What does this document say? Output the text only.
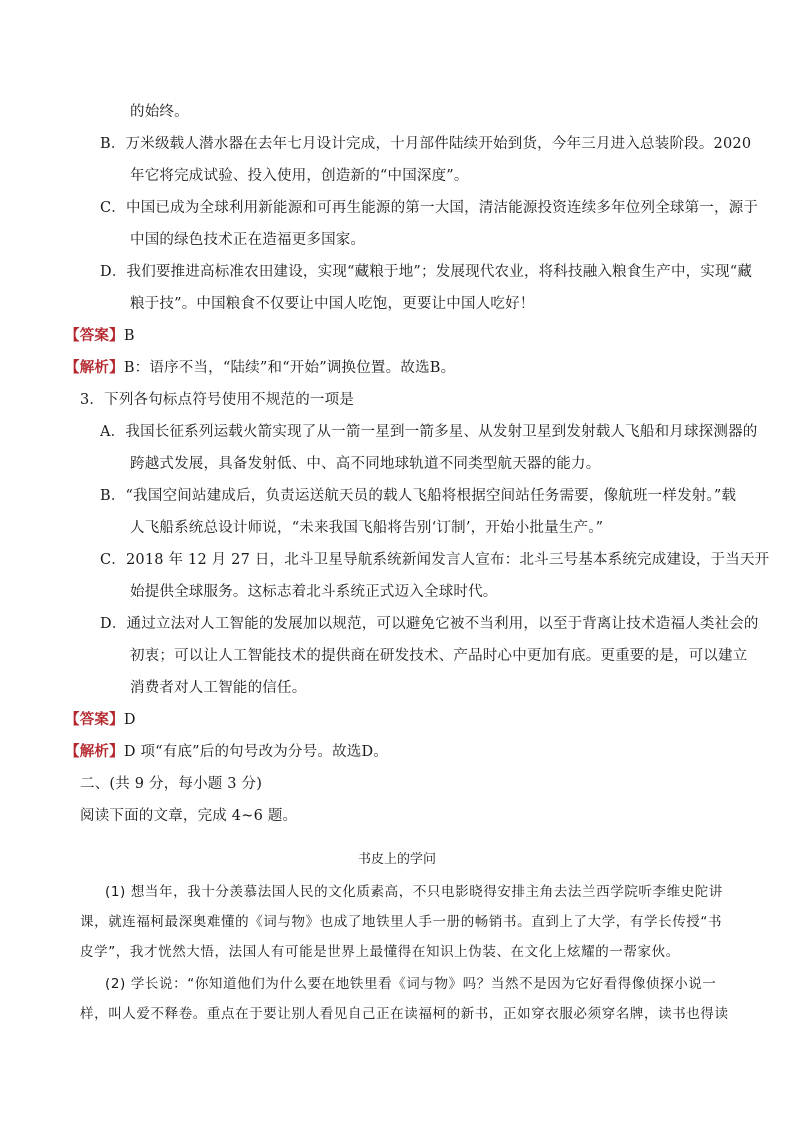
的始终。
B．万米级载人潜水器在去年七月设计完成，十月部件陆续开始到货，今年三月进入总装阶段。2020
年它将完成试验、投入使用，创造新的“中国深度”。
C．中国已成为全球利用新能源和可再生能源的第一大国，清洁能源投资连续多年位列全球第一，源于
中国的绿色技术正在造福更多国家。
D．我们要推进高标准农田建设，实现“藏粮于地”；发展现代农业，将科技融入粮食生产中，实现“藏
粮于技”。中国粮食不仅要让中国人吃饱，更要让中国人吃好！
【答案】B
【解析】B：语序不当，“陆续”和“开始”调换位置。故选B。
3．下列各句标点符号使用不规范的一项是
A．我国长征系列运载火箭实现了从一箭一星到一箭多星、从发射卫星到发射载人飞船和月球探测器的
跨越式发展，具备发射低、中、高不同地球轨道不同类型航天器的能力。
B．“我国空间站建成后，负责运送航天员的载人飞船将根据空间站任务需要，像航班一样发射。”载
人飞船系统总设计师说，“未来我国飞船将告别‘订制’，开始小批量生产。”
C．2018 年 12 月 27 日，北斗卫星导航系统新闻发言人宣布：北斗三号基本系统完成建设，于当天开
始提供全球服务。这标志着北斗系统正式迈入全球时代。
D．通过立法对人工智能的发展加以规范，可以避免它被不当利用，以至于背离让技术造福人类社会的
初衷；可以让人工智能技术的提供商在研发技术、产品时心中更加有底。更重要的是，可以建立
消费者对人工智能的信任。
【答案】D
【解析】D 项“有底”后的句号改为分号。故选D。
二、(共 9 分，每小题 3 分)
阅读下面的文章，完成 4~6 题。
书皮上的学问
(1) 想当年，我十分羡慕法国人民的文化质素高，不只电影晓得安排主角去法兰西学院听李维史陀讲
课，就连福柯最深奥难懂的《词与物》也成了地铁里人手一册的畅销书。直到上了大学，有学长传授“书
皮学”，我才恍然大悟，法国人有可能是世界上最懂得在知识上伪装、在文化上炫耀的一帮家伙。
(2) 学长说：“你知道他们为什么要在地铁里看《词与物》吗？当然不是因为它好看得像侦探小说一
样，叫人爱不释卷。重点在于要让别人看见自己正在读福柯的新书，正如穿衣服必须穿名牌，读书也得读
